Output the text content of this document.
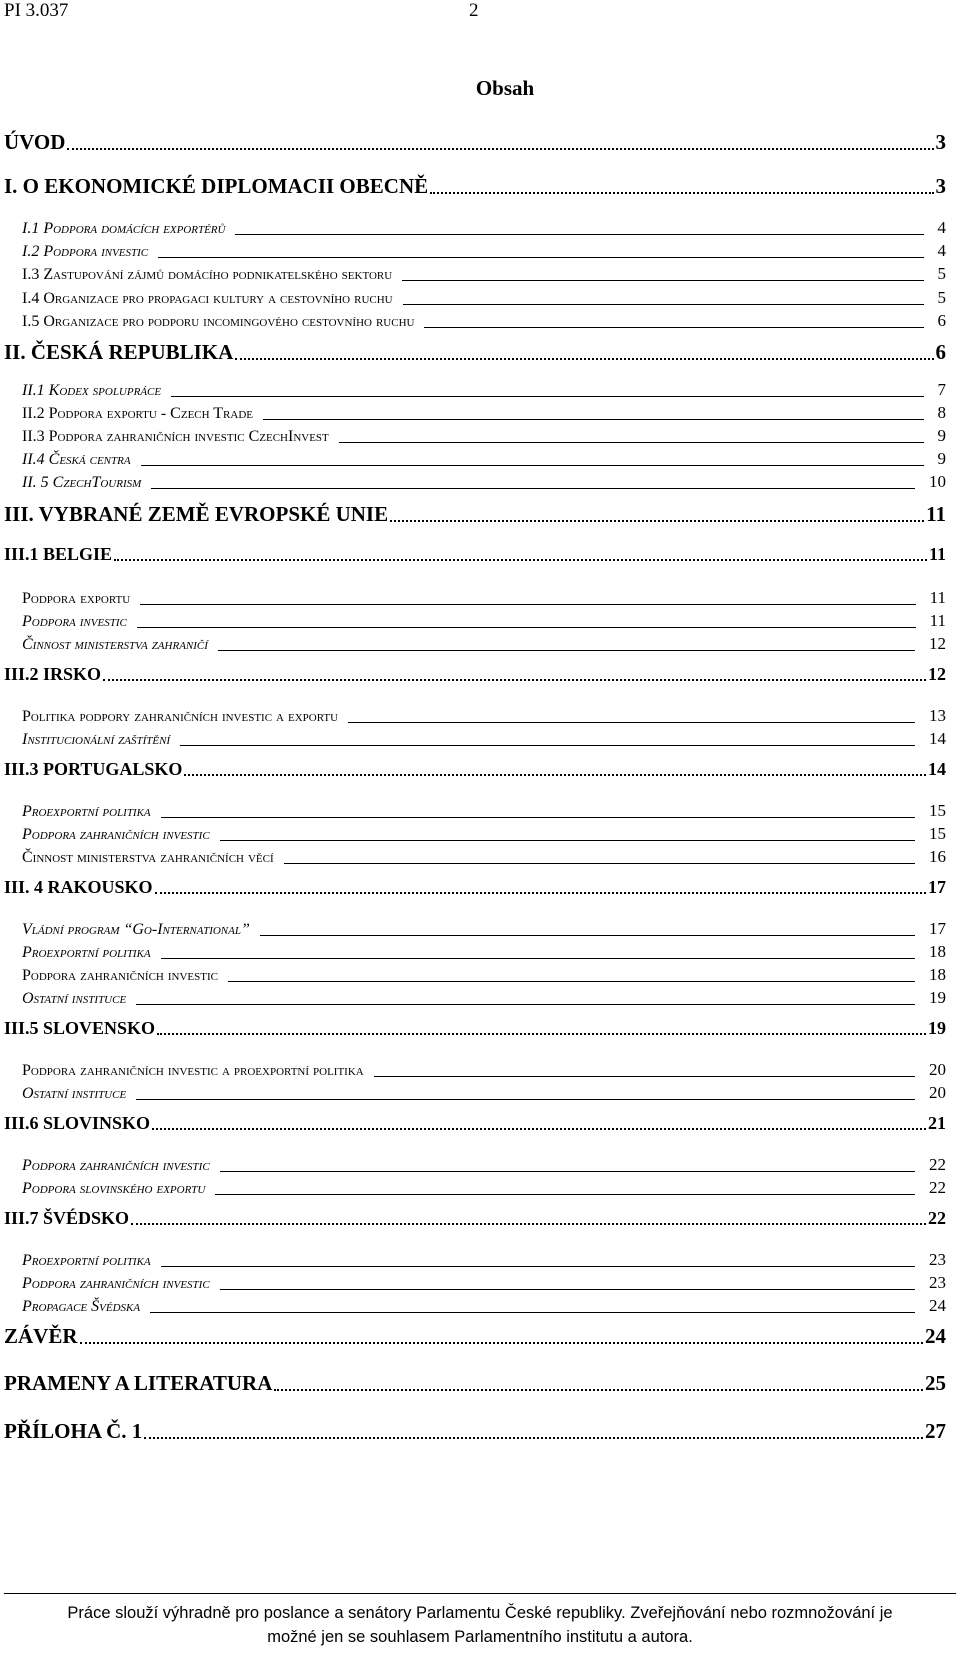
PI 3.037	2
Obsah
ÚVOD	3
I. O EKONOMICKÉ DIPLOMACII OBECNĚ	3
I.1 Podpora domácích exportérů	4
I.2 Podpora investic	4
I.3 Zastupování zájmů domácího podnikatelského sektoru	5
I.4 Organizace pro propagaci kultury a cestovního ruchu	5
I.5 Organizace pro podporu incomingového cestovního ruchu	6
II. ČESKÁ REPUBLIKA	6
II.1 Kodex spolupráce	7
II.2 Podpora exportu - Czech Trade	8
II.3 Podpora zahraničních investic CzechInvest	9
II.4 Česká centra	9
II. 5 CzechTourism	10
III. VYBRANÉ ZEMĚ EVROPSKÉ UNIE	11
III.1 BELGIE	11
Podpora exportu	11
Podpora investic	11
Činnost ministerstva zahraničí	12
III.2 IRSKO	12
Politika podpory zahraničních investic a exportu	13
Institucionální zaštítění	14
III.3 PORTUGALSKO	14
Proexportní politika	15
Podpora zahraničních investic	15
Činnost ministerstva zahraničních věcí	16
III. 4 RAKOUSKO	17
Vládní program “Go-International”	17
Proexportní politika	18
Podpora zahraničních investic	18
Ostatní instituce	19
III.5 SLOVENSKO	19
Podpora zahraničních investic a proexportní politika	20
Ostatní instituce	20
III.6 SLOVINSKO	21
Podpora zahraničních investic	22
Podpora slovinského exportu	22
III.7 ŠVÉDSKO	22
Proexportní politika	23
Podpora zahraničních investic	23
Propagace Švédska	24
ZÁVĚR	24
PRAMENY A LITERATURA	25
PŘÍLOHA Č. 1	27
Práce slouží výhradně pro poslance a senátory Parlamentu České republiky. Zveřejňování nebo rozmnožování je
možné jen se souhlasem Parlamentního institutu a autora.
